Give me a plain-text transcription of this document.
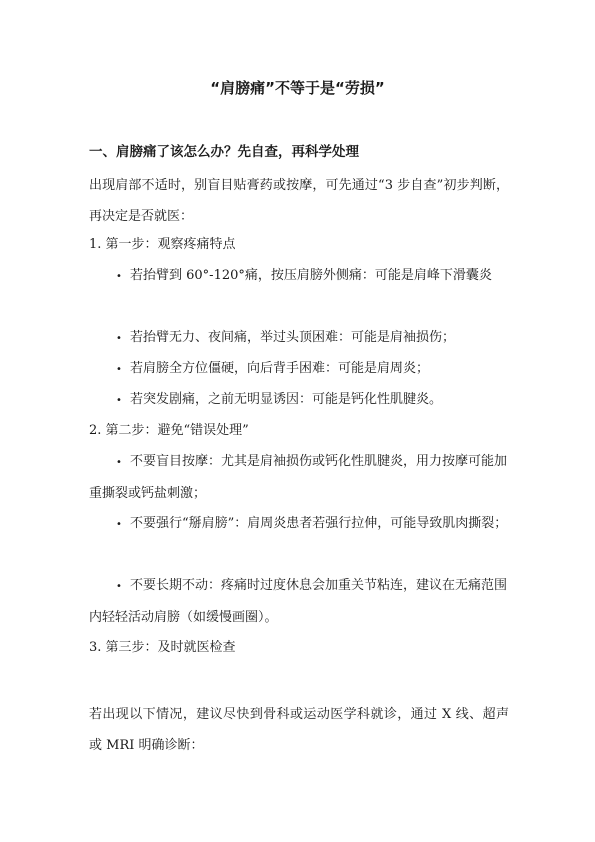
“肩膀痛”不等于是“劳损”
一、肩膀痛了该怎么办？先自查，再科学处理
出现肩部不适时，别盲目贴膏药或按摩，可先通过“3 步自查”初步判断，再决定是否就医：
1. 第一步：观察疼痛特点
• 若抬臂到 60°-120°痛，按压肩膀外侧痛：可能是肩峰下滑囊炎
• 若抬臂无力、夜间痛，举过头顶困难：可能是肩袖损伤；
• 若肩膀全方位僵硬，向后背手困难：可能是肩周炎；
• 若突发剧痛，之前无明显诱因：可能是钙化性肌腱炎。
2. 第二步：避免“错误处理”
• 不要盲目按摩：尤其是肩袖损伤或钙化性肌腱炎，用力按摩可能加重撕裂或钙盐刺激；
• 不要强行“掰肩膀”：肩周炎患者若强行拉伸，可能导致肌肉撕裂；
• 不要长期不动：疼痛时过度休息会加重关节粘连，建议在无痛范围内轻轻活动肩膀（如缓慢画圈）。
3. 第三步：及时就医检查
若出现以下情况，建议尽快到骨科或运动医学科就诊，通过 X 线、超声或 MRI 明确诊断：
